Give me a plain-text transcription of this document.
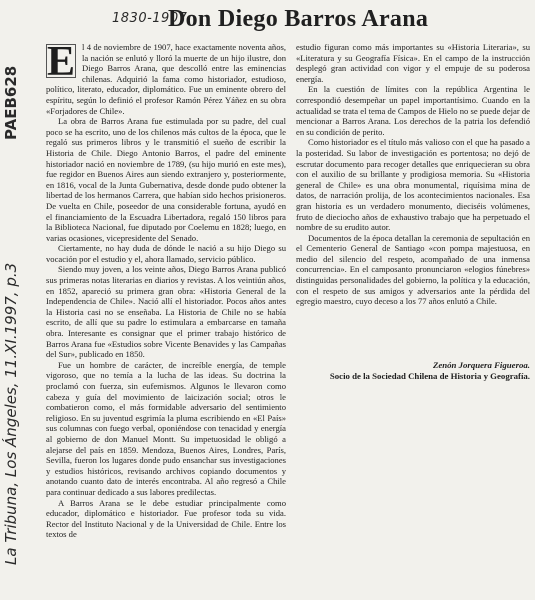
1830-1907
PAEB628
La Tribuna, Los Ángeles, 11.XI.1997, p.3
Don Diego Barros Arana
E l 4 de noviembre de 1907, hace exactamente noventa años, la nación se enlutó y lloró la muerte de un hijo ilustre, don Diego Barros Arana, que descolló entre las eminencias chilenas. Adquirió la fama como historiador, estudioso, político, literato, educador, diplomático. Fue un eminente obrero del espíritu, según lo definió el profesor Ramón Pérez Yáñez en su obra «Forjadores de Chile».

La obra de Barros Arana fue estimulada por su padre, del cual poco se ha escrito, uno de los chilenos más cultos de la época, que le regaló sus primeros libros y le transmitió el sueño de escribir la Historia de Chile. Diego Antonio Barros, el padre del eminente historiador nació en noviembre de 1789, (su hijo murió en este mes), fue regidor en Buenos Aires aun siendo extranjero y, posteriormente, en 1816, vocal de la Junta Gubernativa, desde donde pudo obtener la libertad de los hermanos Carrera, que habían sido hechos prisioneros. De vuelta en Chile, poseedor de una considerable fortuna, ayudó en el financiamiento de la Escuadra Libertadora, regaló 150 libros para la Biblioteca Nacional, fue diputado por Coelemu en 1828; luego, en varias ocasiones, vicepresidente del Senado.

Ciertamente, no hay duda de dónde le nació a su hijo Diego su vocación por el estudio y el, ahora llamado, servicio público.

Siendo muy joven, a los veinte años, Diego Barros Arana publicó sus primeras notas literarias en diarios y revistas. A los veintiún años, en 1852, apareció su primera gran obra: «Historia General de la Independencia de Chile». Nació allí el historiador. Pocos años antes la Historia casi no se enseñaba. La Historia de Chile no se había escrito, de allí que su padre lo estimulara a embarcarse en tamaña obra. Interesante es consignar que el primer trabajo histórico de Barros Arana fue «Estudios sobre Vicente Benavides y las Campañas del Sur», publicado en 1850.

Fue un hombre de carácter, de increíble energía, de temple vigoroso, que no temía a la lucha de las ideas. Su doctrina la proclamó con fuerza, sin eufemismos. Algunos le llevaron como cabeza y guía del movimiento de laicización social; otros le combatieron como, el más formidable adversario del sentimiento religioso. En su juventud esgrimía la pluma escribiendo en «El País» sus columnas con fuego verbal, oponiéndose con tenacidad y energía al gobierno de don Manuel Montt. Su impetuosidad le obligó a alejarse del país en 1859. Mendoza, Buenos Aires, Londres, París, Sevilla, fueron los lugares donde pudo ensanchar sus investigaciones y estudios históricos, revisando archivos copiando documentos y anotando cuanto dato de interés encontraba. Al año regresó a Chile para continuar dedicado a sus labores predilectas.

A Barros Arana se le debe estudiar principalmente como educador, diplomático e historiador. Fue profesor toda su vida. Rector del Instituto Nacional y de la Universidad de Chile. Entre los textos de

estudio figuran como más importantes su «Historia Literaria», su «Literatura y su Geografía Física». En el campo de la instrucción desplegó gran actividad con vigor y el empuje de su poderosa energía.

En la cuestión de límites con la república Argentina le correspondió desempeñar un papel importantísimo. Cuando en la actualidad se trata el tema de Campos de Hielo no se puede dejar de mencionar a Barros Arana. Los derechos de la patria los defendió en su condición de perito.

Como historiador es el título más valioso con el que ha pasado a la posteridad. Su labor de investigación es portentosa; no dejó de escrutar documento para recoger detalles que enriquecieran su obra con el auxilio de su brillante y prodigiosa memoria. Su «Historia general de Chile» es una obra monumental, riquísima mina de datos, de narración prolija, de los acontecimientos nacionales. Esa gran historia es un verdadero monumento, dieciséis volúmenes, fruto de dieciocho años de exhaustivo trabajo que ha perpetuado el nombre de su erudito autor.

Documentos de la época detallan la ceremonia de sepultación en el Cementerio General de Santiago «con pompa majestuosa, en medio del silencio del respeto, acompañado de una inmensa concurrencia». En el camposanto pronunciaron «elogios fúnebres» distinguidas personalidades del gobierno, la política y la educación, con el respeto de sus amigos y adversarios ante la pérdida del egregio maestro, cuyo deceso a los 77 años enlutó a Chile.

Zenón Jorquera Figueroa.
Socio de la Sociedad Chilena de Historia y Geografía.
